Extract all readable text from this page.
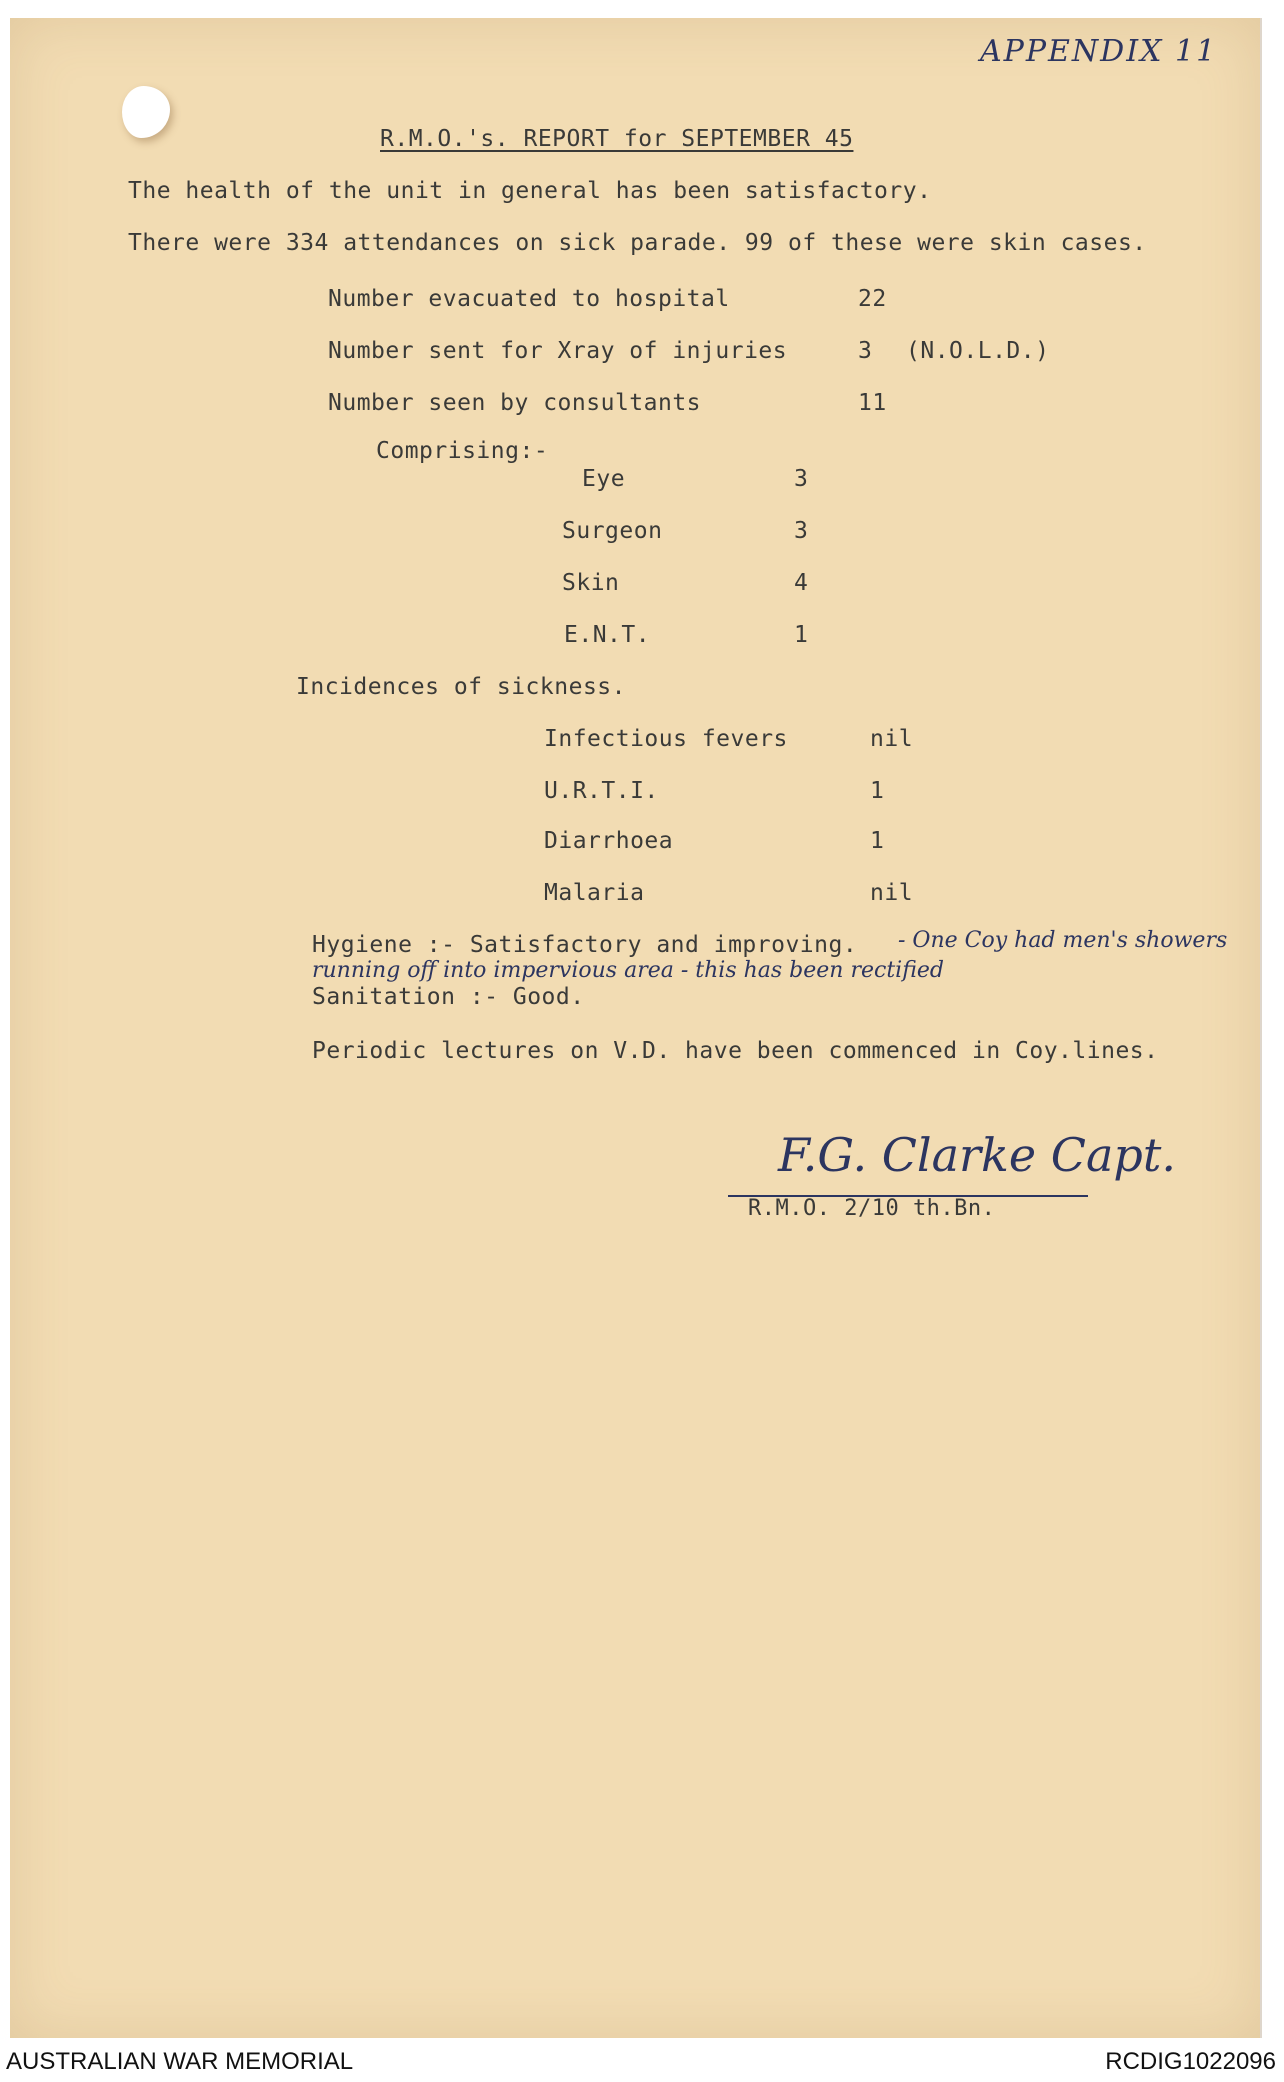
APPENDIX 11
R.M.O.'s. REPORT for SEPTEMBER 45
The health of the unit in general has been satisfactory.
There were 334 attendances on sick parade. 99 of these were skin cases.
Number evacuated to hospital	22
Number sent for Xray of injuries	3 (N.O.L.D.)
Number seen by consultants	11
Comprising:-
Eye	3
Surgeon	3
Skin	4
E.N.T.	1
Incidences of sickness.
Infectious fevers	nil
U.R.T.I.	1
Diarrhoea	1
Malaria	nil
Hygiene :- Satisfactory and improving. - One Coy had men's showers
running off into impervious area - this has been rectified
Sanitation :- Good.
Periodic lectures on V.D. have been commenced in Coy.lines.
F.G. Clarke Capt.
R.M.O. 2/10 th.Bn.
AUSTRALIAN WAR MEMORIAL	RCDIG1022096
